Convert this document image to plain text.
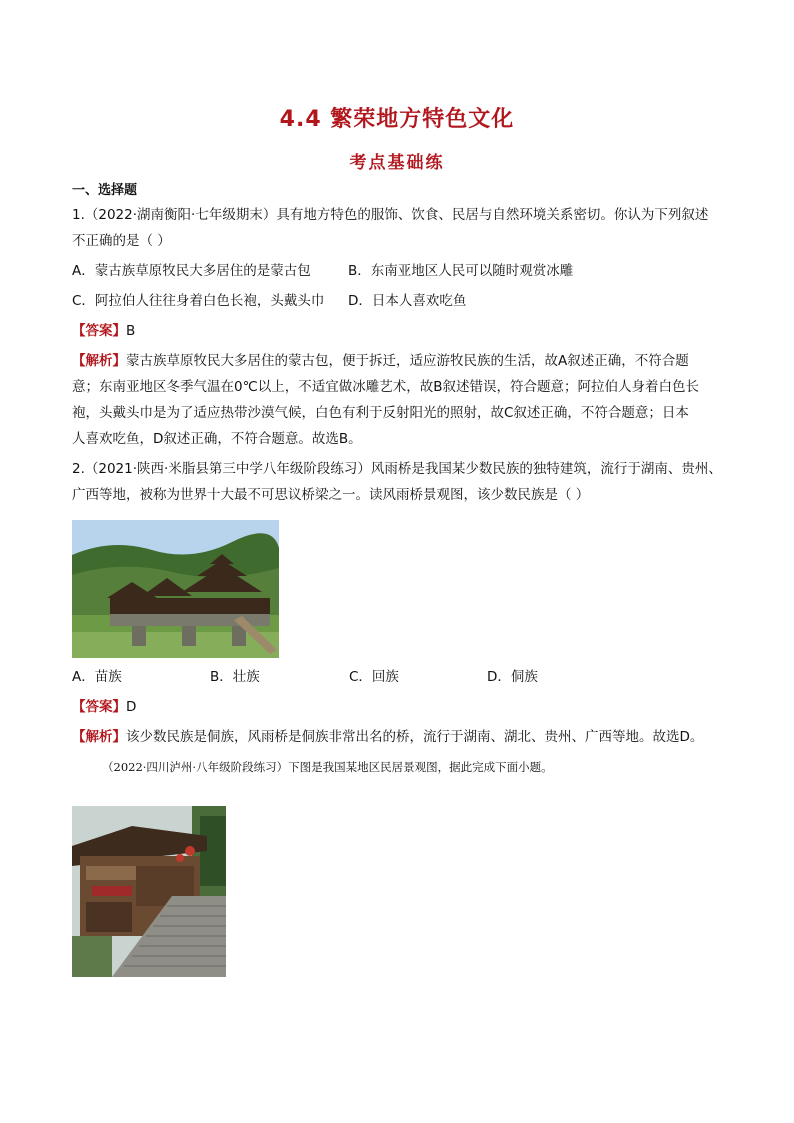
4.4 繁荣地方特色文化
考点基础练
一、选择题

1.（2022·湖南衡阳·七年级期末）具有地方特色的服饰、饮食、民居与自然环境关系密切。你认为下列叙述

不正确的是（ ）

A．蒙古族草原牧民大多居住的是蒙古包	B．东南亚地区人民可以随时观赏冰雕
C．阿拉伯人往往身着白色长袍，头戴头巾	D．日本人喜欢吃鱼

【答案】B

【解析】蒙古族草原牧民大多居住的蒙古包，便于拆迁，适应游牧民族的生活，故A叙述正确，不符合题

意；东南亚地区冬季气温在0℃以上，不适宜做冰雕艺术，故B叙述错误，符合题意；阿拉伯人身着白色长

袍，头戴头巾是为了适应热带沙漠气候，白色有利于反射阳光的照射，故C叙述正确，不符合题意；日本

人喜欢吃鱼，D叙述正确，不符合题意。故选B。

2.（2021·陕西·米脂县第三中学八年级阶段练习）风雨桥是我国某少数民族的独特建筑，流行于湖南、贵州、

广西等地，被称为世界十大最不可思议桥梁之一。读风雨桥景观图，该少数民族是（ ）

A．苗族	B．壮族	C．回族	D．侗族

【答案】D

【解析】该少数民族是侗族，风雨桥是侗族非常出名的桥，流行于湖南、湖北、贵州、广西等地。故选D。

（2022·四川泸州·八年级阶段练习）下图是我国某地区民居景观图，据此完成下面小题。
